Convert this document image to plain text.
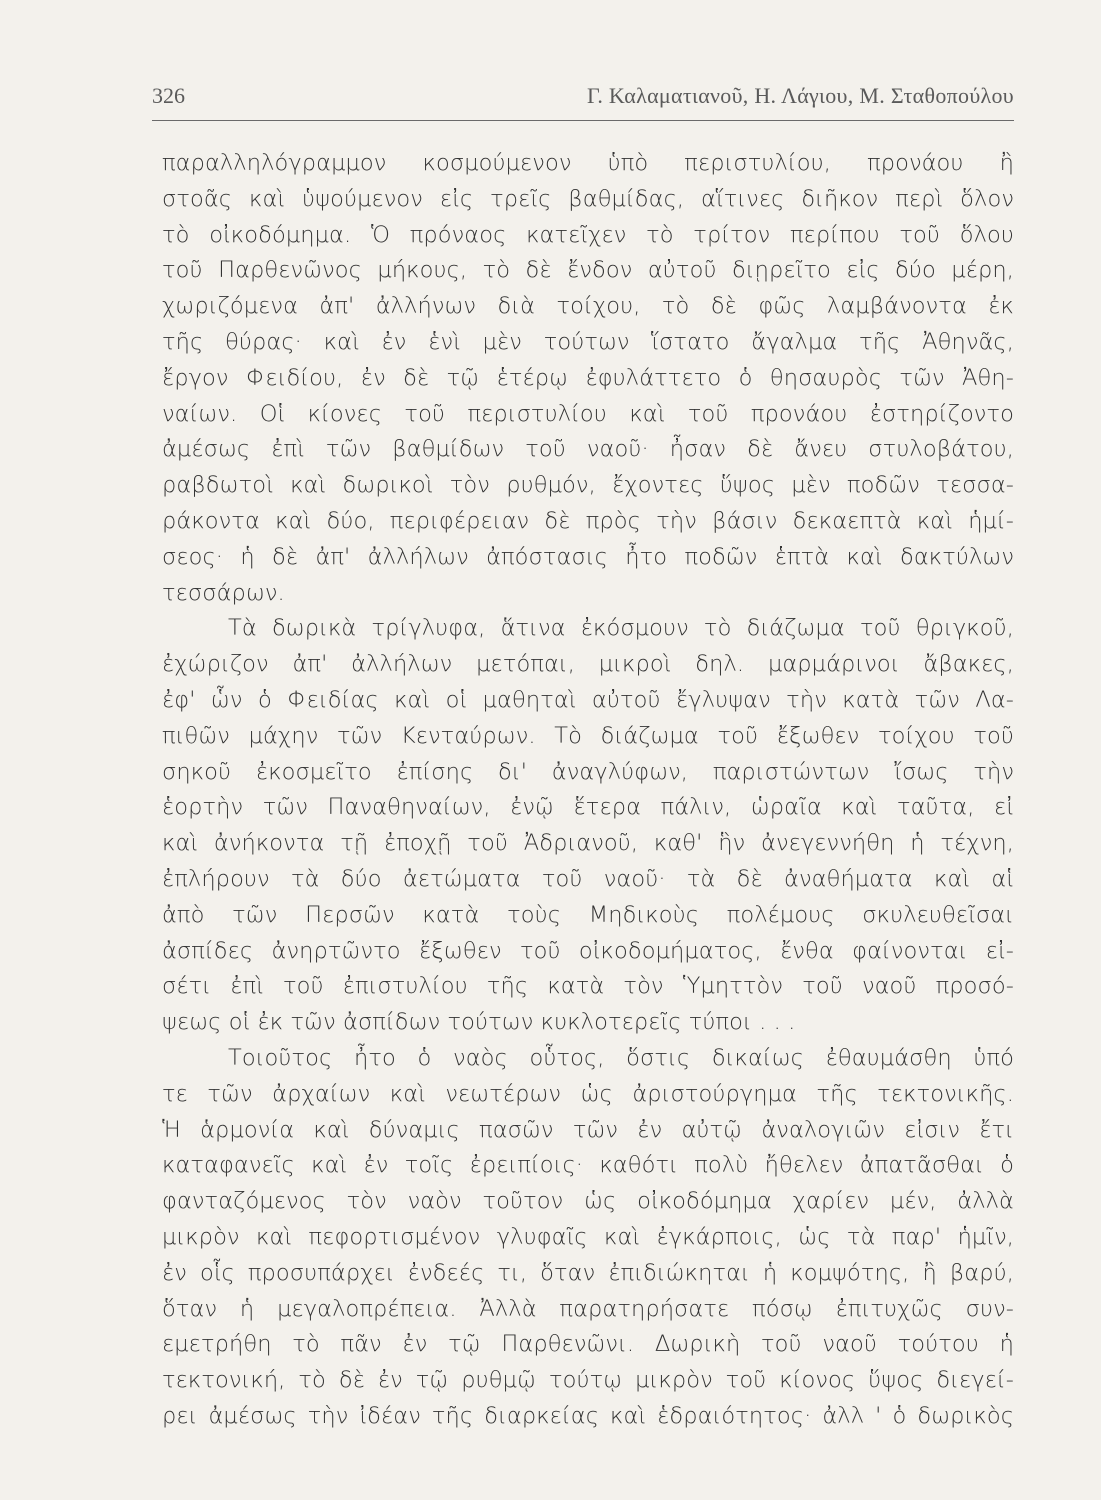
326	Γ. Καλαματιανοῦ, Η. Λάγιου, Μ. Σταθοπούλου
παραλληλόγραμμον κοσμούμενον ὑπὸ περιστυλίου, προνάου ἢ
στοᾶς καὶ ὑψούμενον εἰς τρεῖς βαθμίδας, αἵτινες διῆκον περὶ ὅλον
τὸ οἰκοδόμημα. Ὁ πρόναος κατεῖχεν τὸ τρίτον περίπου τοῦ ὅλου
τοῦ Παρθενῶνος μήκους, τὸ δὲ ἔνδον αὐτοῦ διῃρεῖτο εἰς δύο μέρη,
χωριζόμενα ἀπ' ἀλλήνων διὰ τοίχου, τὸ δὲ φῶς λαμβάνοντα ἐκ
τῆς θύρας· καὶ ἐν ἑνὶ μὲν τούτων ἵστατο ἄγαλμα τῆς Ἀθηνᾶς,
ἔργον Φειδίου, ἐν δὲ τῷ ἑτέρῳ ἐφυλάττετο ὁ θησαυρὸς τῶν Ἀθη-
ναίων. Οἱ κίονες τοῦ περιστυλίου καὶ τοῦ προνάου ἐστηρίζοντο
ἀμέσως ἐπὶ τῶν βαθμίδων τοῦ ναοῦ· ἦσαν δὲ ἄνευ στυλοβάτου,
ραβδωτοὶ καὶ δωρικοὶ τὸν ρυθμόν, ἔχοντες ὕψος μὲν ποδῶν τεσσα-
ράκοντα καὶ δύο, περιφέρειαν δὲ πρὸς τὴν βάσιν δεκαεπτὰ καὶ ἡμί-
σεος· ἡ δὲ ἀπ' ἀλλήλων ἀπόστασις ἦτο ποδῶν ἑπτὰ καὶ δακτύλων
τεσσάρων.
Τὰ δωρικὰ τρίγλυφα, ἅτινα ἐκόσμουν τὸ διάζωμα τοῦ θριγκοῦ,
ἐχώριζον ἀπ' ἀλλήλων μετόπαι, μικροὶ δηλ. μαρμάρινοι ἄβακες,
ἐφ' ὧν ὁ Φειδίας καὶ οἱ μαθηταὶ αὐτοῦ ἔγλυψαν τὴν κατὰ τῶν Λα-
πιθῶν μάχην τῶν Κενταύρων. Τὸ διάζωμα τοῦ ἔξωθεν τοίχου τοῦ
σηκοῦ ἐκοσμεῖτο ἐπίσης δι' ἀναγλύφων, παριστώντων ἴσως τὴν
ἑορτὴν τῶν Παναθηναίων, ἐνῷ ἕτερα πάλιν, ὡραῖα καὶ ταῦτα, εἰ
καὶ ἀνήκοντα τῇ ἐποχῇ τοῦ Ἀδριανοῦ, καθ' ἣν ἀνεγεννήθη ἡ τέχνη,
ἐπλήρουν τὰ δύο ἀετώματα τοῦ ναοῦ· τὰ δὲ ἀναθήματα καὶ αἱ
ἀπὸ τῶν Περσῶν κατὰ τοὺς Μηδικοὺς πολέμους σκυλευθεῖσαι
ἀσπίδες ἀνηρτῶντο ἔξωθεν τοῦ οἰκοδομήματος, ἔνθα φαίνονται εἰ-
σέτι ἐπὶ τοῦ ἐπιστυλίου τῆς κατὰ τὸν Ὑμηττὸν τοῦ ναοῦ προσό-
ψεως οἱ ἐκ τῶν ἀσπίδων τούτων κυκλοτερεῖς τύποι . . .
Τοιοῦτος ἦτο ὁ ναὸς οὗτος, ὅστις δικαίως ἐθαυμάσθη ὑπό
τε τῶν ἀρχαίων καὶ νεωτέρων ὡς ἀριστούργημα τῆς τεκτονικῆς.
Ἡ ἁρμονία καὶ δύναμις πασῶν τῶν ἐν αὐτῷ ἀναλογιῶν εἰσιν ἔτι
καταφανεῖς καὶ ἐν τοῖς ἐρειπίοις· καθότι πολὺ ἤθελεν ἀπατᾶσθαι ὁ
φανταζόμενος τὸν ναὸν τοῦτον ὡς οἰκοδόμημα χαρίεν μέν, ἀλλὰ
μικρὸν καὶ πεφορτισμένον γλυφαῖς καὶ ἐγκάρποις, ὡς τὰ παρ' ἡμῖν,
ἐν οἷς προσυπάρχει ἐνδεές τι, ὅταν ἐπιδιώκηται ἡ κομψότης, ἢ βαρύ,
ὅταν ἡ μεγαλοπρέπεια. Ἀλλὰ παρατηρήσατε πόσῳ ἐπιτυχῶς συν-
εμετρήθη τὸ πᾶν ἐν τῷ Παρθενῶνι. Δωρικὴ τοῦ ναοῦ τούτου ἡ
τεκτονική, τὸ δὲ ἐν τῷ ρυθμῷ τούτῳ μικρὸν τοῦ κίονος ὕψος διεγεί-
ρει ἀμέσως τὴν ἰδέαν τῆς διαρκείας καὶ ἑδραιότητος· ἀλλ ' ὁ δωρικὸς
